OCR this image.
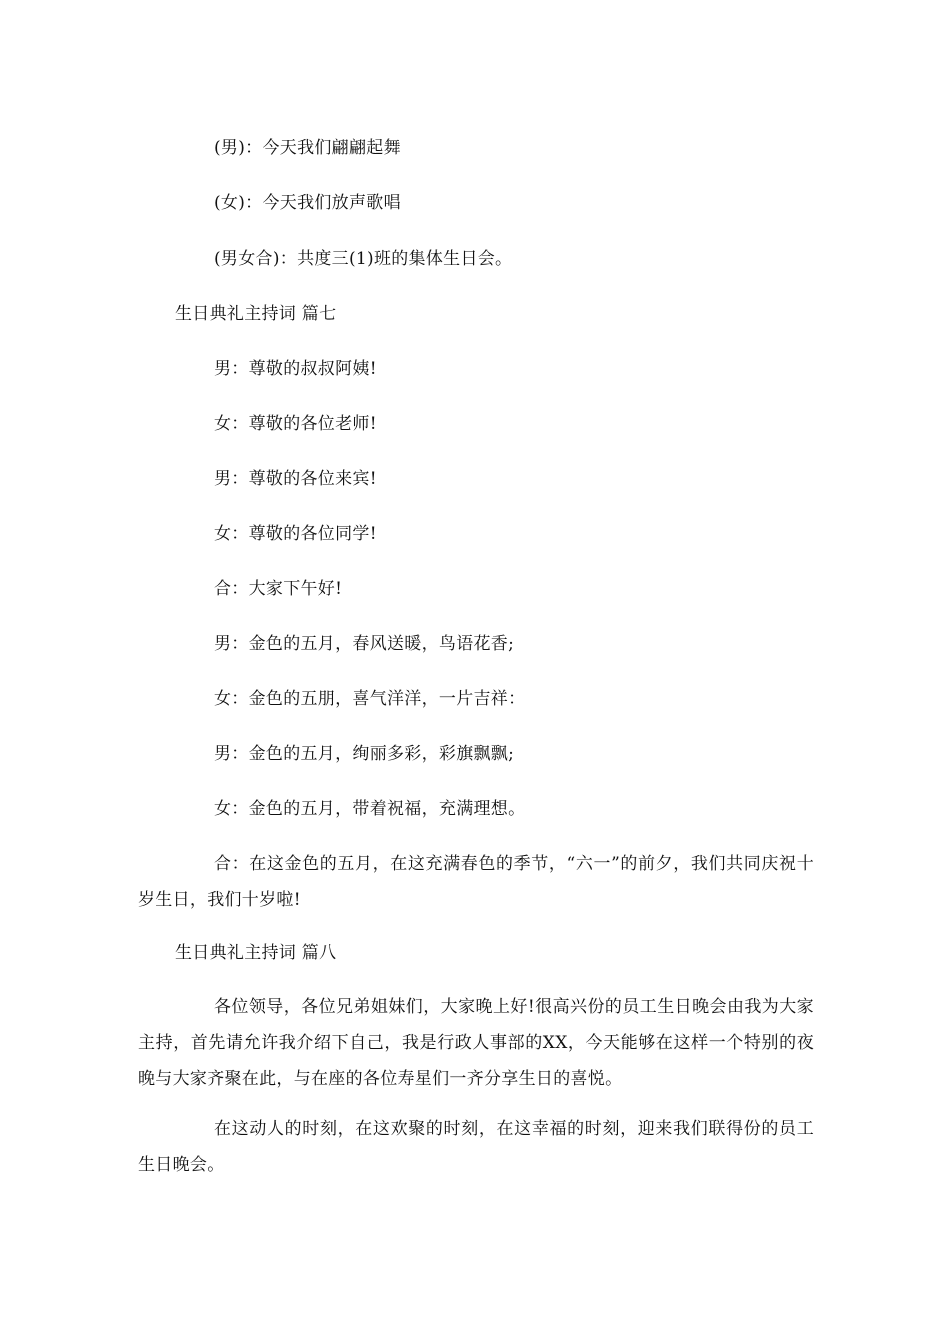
(男)：今天我们翩翩起舞
(女)：今天我们放声歌唱
(男女合)：共度三(1)班的集体生日会。
生日典礼主持词 篇七
男：尊敬的叔叔阿姨!
女：尊敬的各位老师!
男：尊敬的各位来宾!
女：尊敬的各位同学!
合：大家下午好!
男：金色的五月，春风送暖，鸟语花香;
女：金色的五朋，喜气洋洋，一片吉祥：
男：金色的五月，绚丽多彩，彩旗飘飘;
女：金色的五月，带着祝福，充满理想。
合：在这金色的五月，在这充满春色的季节，“六一”的前夕，我们共同庆祝十岁生日，我们十岁啦!
生日典礼主持词 篇八
各位领导，各位兄弟姐妹们，大家晚上好!很高兴份的员工生日晚会由我为大家主持，首先请允许我介绍下自己，我是行政人事部的XX，今天能够在这样一个特别的夜晚与大家齐聚在此，与在座的各位寿星们一齐分享生日的喜悦。
在这动人的时刻，在这欢聚的时刻，在这幸福的时刻，迎来我们联得份的员工生日晚会。
